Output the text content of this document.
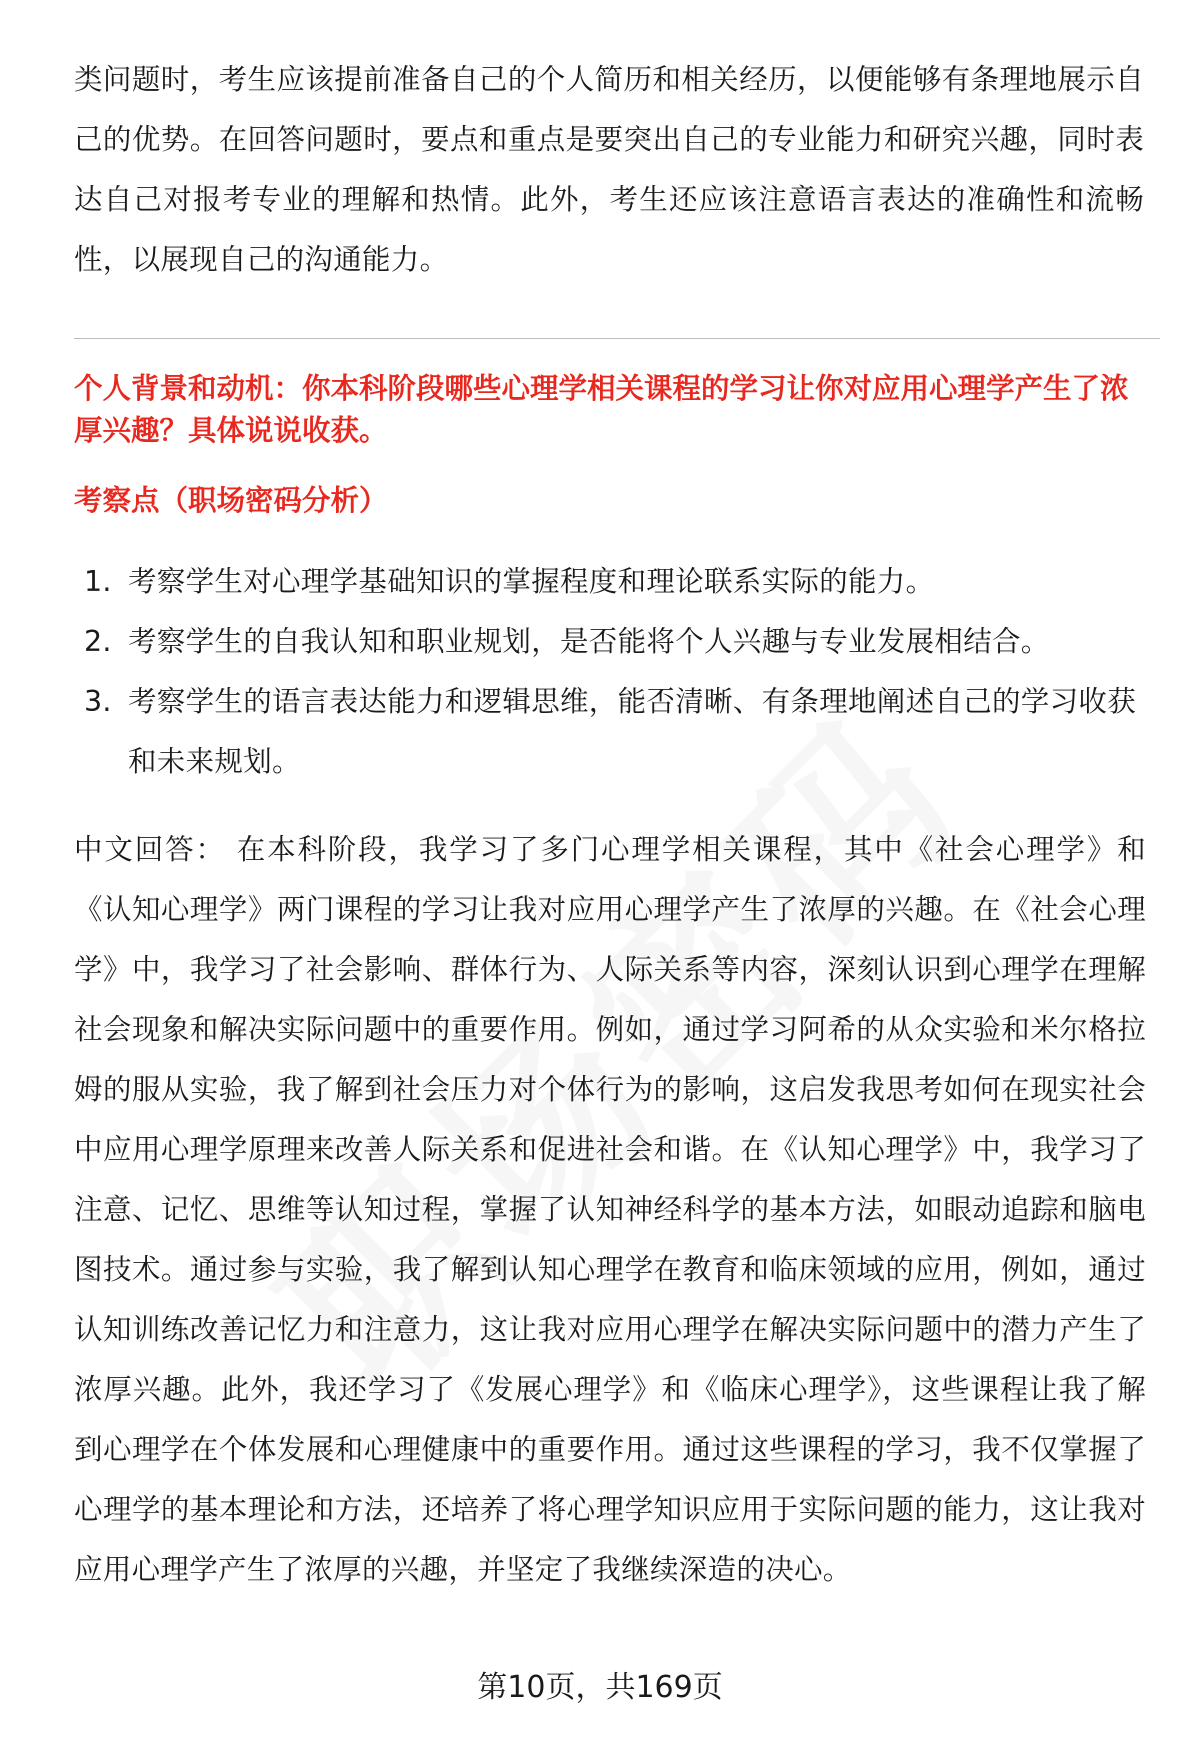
类问题时，考生应该提前准备自己的个人简历和相关经历，以便能够有条理地展示自己的优势。在回答问题时，要点和重点是要突出自己的专业能力和研究兴趣，同时表达自己对报考专业的理解和热情。此外，考生还应该注意语言表达的准确性和流畅性，以展现自己的沟通能力。

个人背景和动机：你本科阶段哪些心理学相关课程的学习让你对应用心理学产生了浓厚兴趣？具体说说收获。

考察点（职场密码分析）

1. 考察学生对心理学基础知识的掌握程度和理论联系实际的能力。
2. 考察学生的自我认知和职业规划，是否能将个人兴趣与专业发展相结合。
3. 考察学生的语言表达能力和逻辑思维，能否清晰、有条理地阐述自己的学习收获和未来规划。

中文回答： 在本科阶段，我学习了多门心理学相关课程，其中《社会心理学》和《认知心理学》两门课程的学习让我对应用心理学产生了浓厚的兴趣。在《社会心理学》中，我学习了社会影响、群体行为、人际关系等内容，深刻认识到心理学在理解社会现象和解决实际问题中的重要作用。例如，通过学习阿希的从众实验和米尔格拉姆的服从实验，我了解到社会压力对个体行为的影响，这启发我思考如何在现实社会中应用心理学原理来改善人际关系和促进社会和谐。在《认知心理学》中，我学习了注意、记忆、思维等认知过程，掌握了认知神经科学的基本方法，如眼动追踪和脑电图技术。通过参与实验，我了解到认知心理学在教育和临床领域的应用，例如，通过认知训练改善记忆力和注意力，这让我对应用心理学在解决实际问题中的潜力产生了浓厚兴趣。此外，我还学习了《发展心理学》和《临床心理学》，这些课程让我了解到心理学在个体发展和心理健康中的重要作用。通过这些课程的学习，我不仅掌握了心理学的基本理论和方法，还培养了将心理学知识应用于实际问题的能力，这让我对应用心理学产生了浓厚的兴趣，并坚定了我继续深造的决心。

第10页，共169页
